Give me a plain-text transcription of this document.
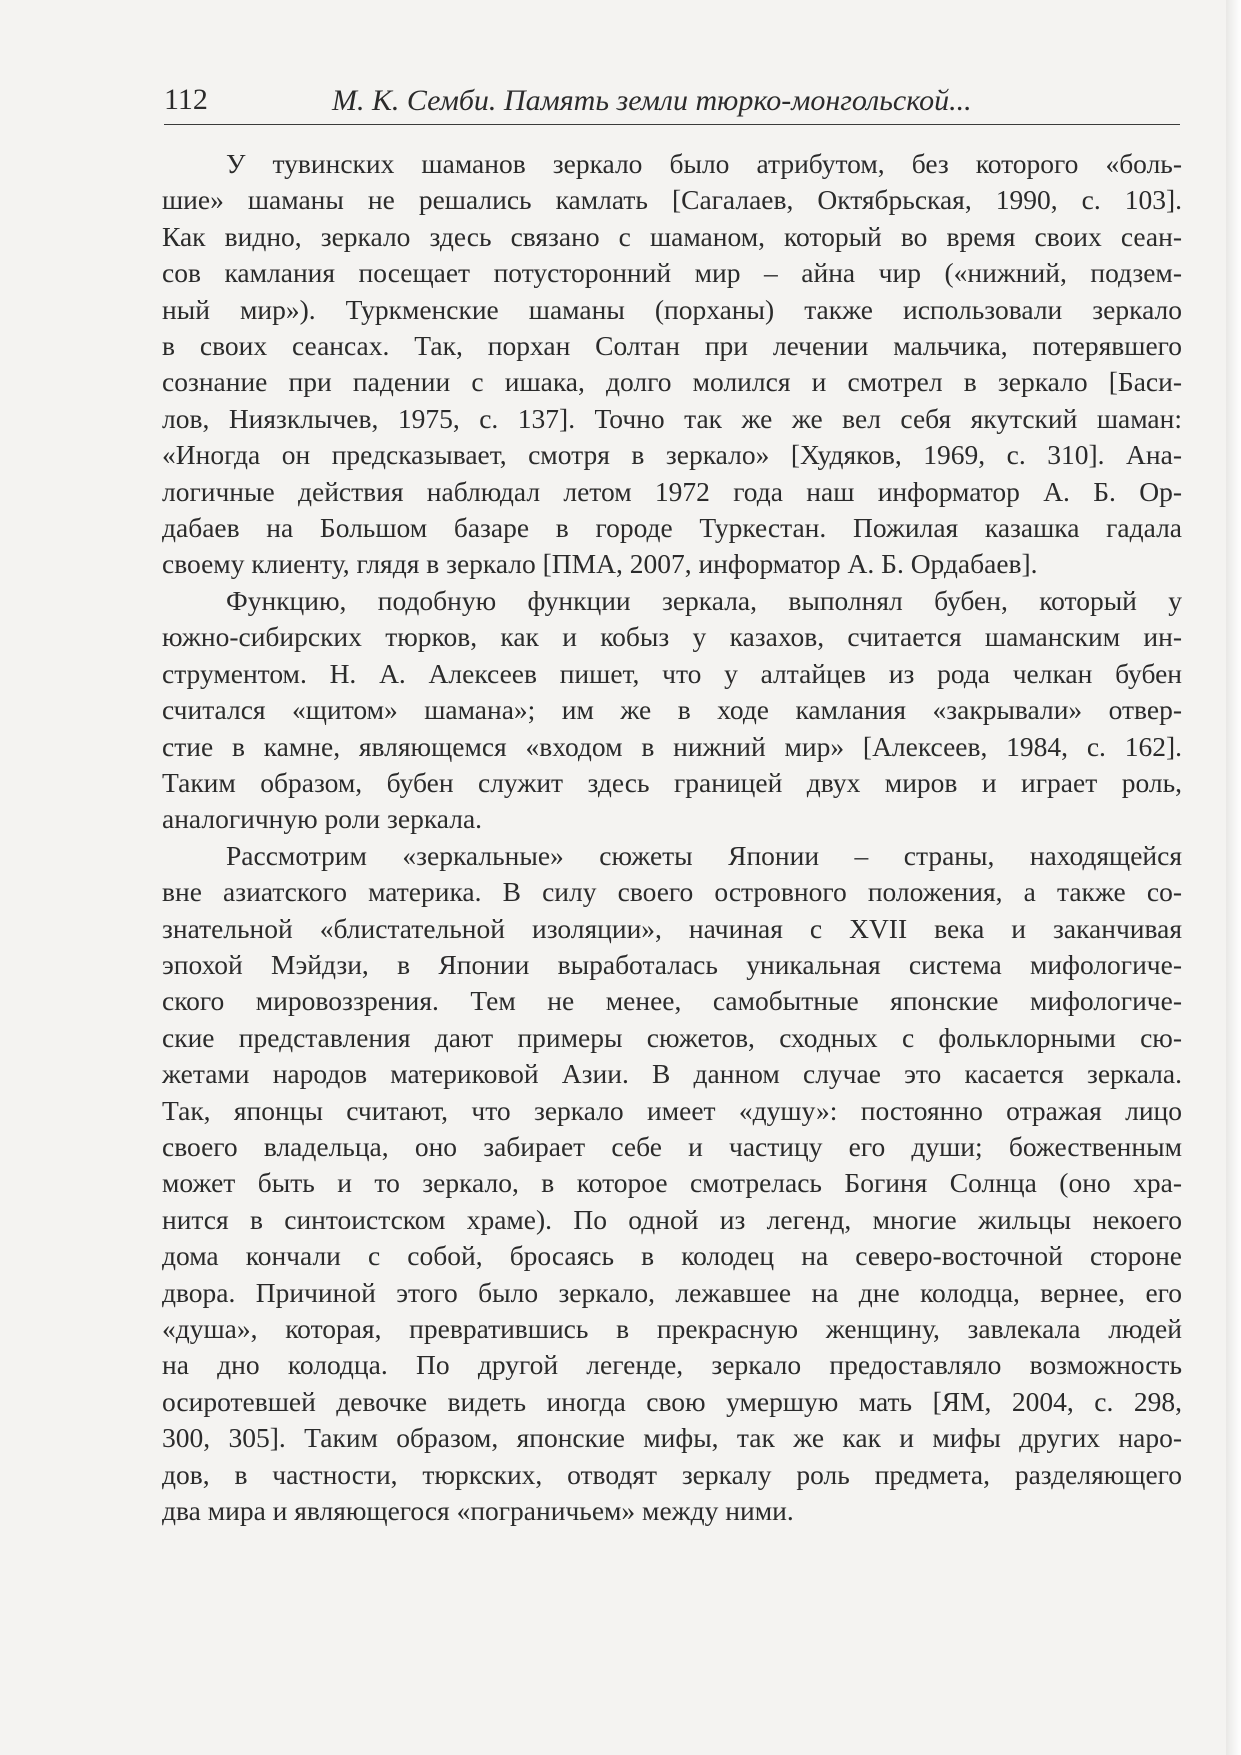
112	М. К. Семби. Память земли тюрко-монгольской...

У тувинских шаманов зеркало было атрибутом, без которого «боль-
шие» шаманы не решались камлать [Сагалаев, Октябрьская, 1990, с. 103].
Как видно, зеркало здесь связано с шаманом, который во время своих сеан-
сов камлания посещает потусторонний мир – айна чир («нижний, подзем-
ный мир»). Туркменские шаманы (порханы) также использовали зеркало
в своих сеансах. Так, порхан Солтан при лечении мальчика, потерявшего
сознание при падении с ишака, долго молился и смотрел в зеркало [Баси-
лов, Ниязклычев, 1975, с. 137]. Точно так же же вел себя якутский шаман:
«Иногда он предсказывает, смотря в зеркало» [Худяков, 1969, с. 310]. Ана-
логичные действия наблюдал летом 1972 года наш информатор А. Б. Ор-
дабаев на Большом базаре в городе Туркестан. Пожилая казашка гадала
своему клиенту, глядя в зеркало [ПМА, 2007, информатор А. Б. Ордабаев].

Функцию, подобную функции зеркала, выполнял бубен, который у
южно-сибирских тюрков, как и кобыз у казахов, считается шаманским ин-
струментом. Н. А. Алексеев пишет, что у алтайцев из рода челкан бубен
считался «щитом» шамана»; им же в ходе камлания «закрывали» отвер-
стие в камне, являющемся «входом в нижний мир» [Алексеев, 1984, с. 162].
Таким образом, бубен служит здесь границей двух миров и играет роль,
аналогичную роли зеркала.

Рассмотрим «зеркальные» сюжеты Японии – страны, находящейся
вне азиатского материка. В силу своего островного положения, а также со-
знательной «блистательной изоляции», начиная с XVII века и заканчивая
эпохой Мэйдзи, в Японии выработалась уникальная система мифологиче-
ского мировоззрения. Тем не менее, самобытные японские мифологиче-
ские представления дают примеры сюжетов, сходных с фольклорными сю-
жетами народов материковой Азии. В данном случае это касается зеркала.
Так, японцы считают, что зеркало имеет «душу»: постоянно отражая лицо
своего владельца, оно забирает себе и частицу его души; божественным
может быть и то зеркало, в которое смотрелась Богиня Солнца (оно хра-
нится в синтоистском храме). По одной из легенд, многие жильцы некоего
дома кончали с собой, бросаясь в колодец на северо-восточной стороне
двора. Причиной этого было зеркало, лежавшее на дне колодца, вернее, его
«душа», которая, превратившись в прекрасную женщину, завлекала людей
на дно колодца. По другой легенде, зеркало предоставляло возможность
осиротевшей девочке видеть иногда свою умершую мать [ЯМ, 2004, с. 298,
300, 305]. Таким образом, японские мифы, так же как и мифы других наро-
дов, в частности, тюркских, отводят зеркалу роль предмета, разделяющего
два мира и являющегося «пограничьем» между ними.
